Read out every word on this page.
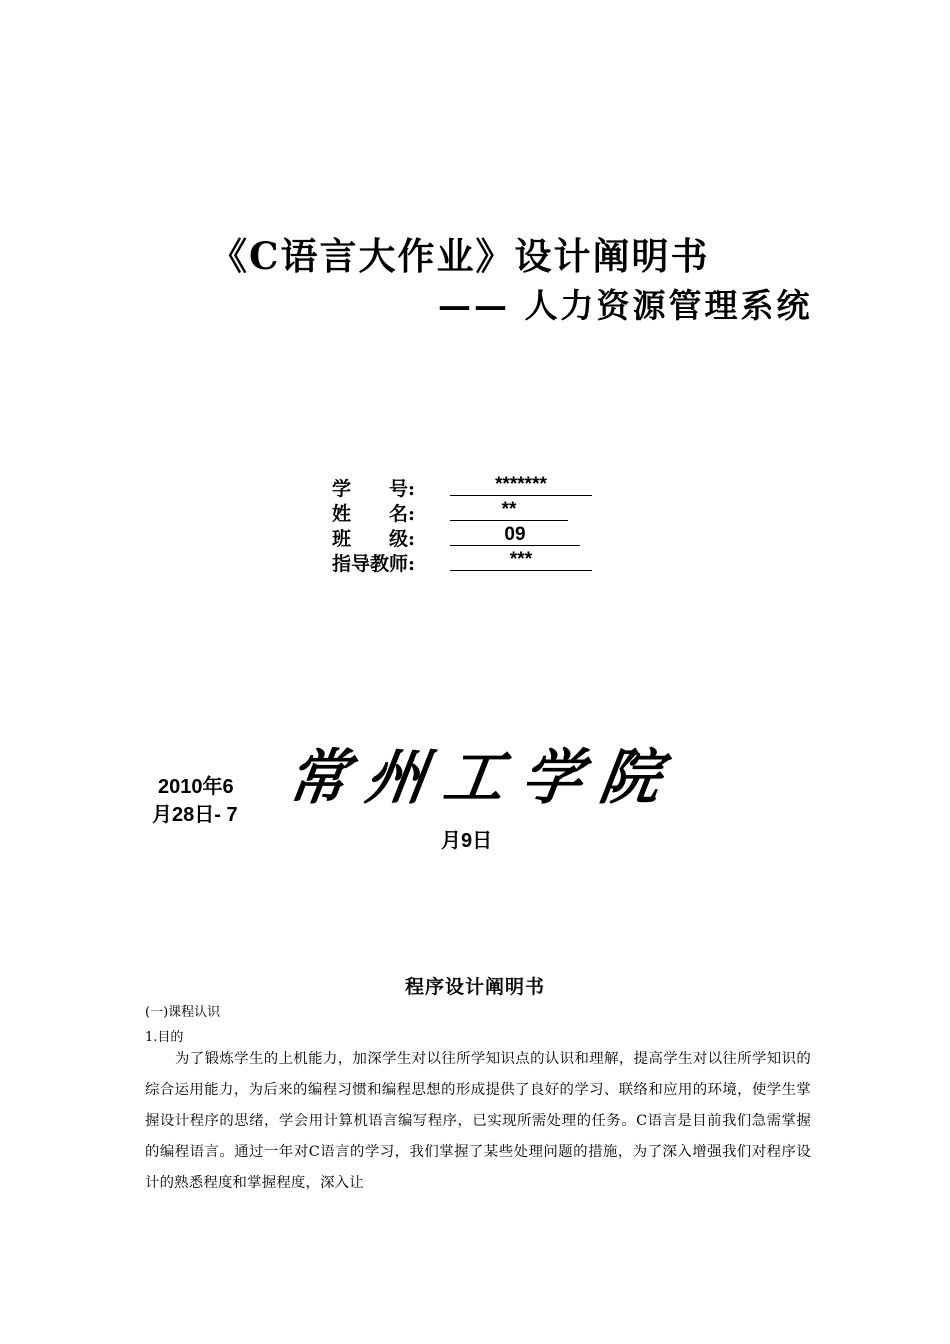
《C语言大作业》设计阐明书
—— 人力资源管理系统
学　　号:	*******
姓　　名:	**
班　　级:	09
指导教师:	***
2010年6
月28日- 7
常州工学院
月9日
程序设计阐明书
(一)课程认识
1.目的
为了锻炼学生的上机能力，加深学生对以往所学知识点的认识和理解，提高学生对以往所学知识的综合运用能力，为后来的编程习惯和编程思想的形成提供了良好的学习、联络和应用的环境，使学生掌握设计程序的思绪，学会用计算机语言编写程序，已实现所需处理的任务。C语言是目前我们急需掌握的编程语言。通过一年对C语言的学习，我们掌握了某些处理问题的措施，为了深入增强我们对程序设计的熟悉程度和掌握程度，深入让
